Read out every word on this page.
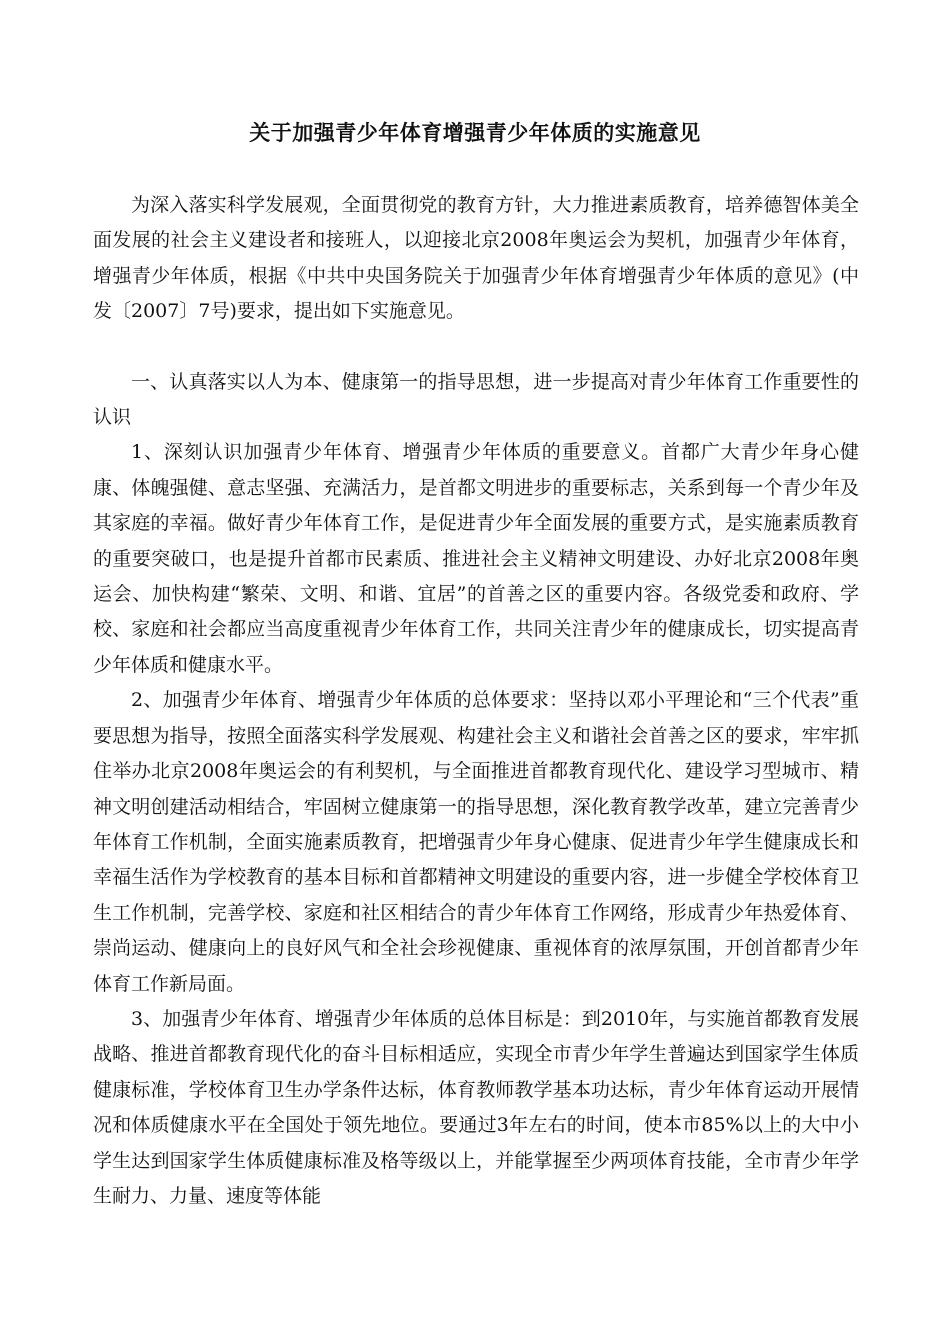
关于加强青少年体育增强青少年体质的实施意见

为深入落实科学发展观，全面贯彻党的教育方针，大力推进素质教育，培养德智体美全面发展的社会主义建设者和接班人，以迎接北京2008年奥运会为契机，加强青少年体育，增强青少年体质，根据《中共中央国务院关于加强青少年体育增强青少年体质的意见》(中发〔2007〕7号)要求，提出如下实施意见。

一、认真落实以人为本、健康第一的指导思想，进一步提高对青少年体育工作重要性的认识

1、深刻认识加强青少年体育、增强青少年体质的重要意义。首都广大青少年身心健康、体魄强健、意志坚强、充满活力，是首都文明进步的重要标志，关系到每一个青少年及其家庭的幸福。做好青少年体育工作，是促进青少年全面发展的重要方式，是实施素质教育的重要突破口，也是提升首都市民素质、推进社会主义精神文明建设、办好北京2008年奥运会、加快构建“繁荣、文明、和谐、宜居”的首善之区的重要内容。各级党委和政府、学校、家庭和社会都应当高度重视青少年体育工作，共同关注青少年的健康成长，切实提高青少年体质和健康水平。

2、加强青少年体育、增强青少年体质的总体要求：坚持以邓小平理论和“三个代表”重要思想为指导，按照全面落实科学发展观、构建社会主义和谐社会首善之区的要求，牢牢抓住举办北京2008年奥运会的有利契机，与全面推进首都教育现代化、建设学习型城市、精神文明创建活动相结合，牢固树立健康第一的指导思想，深化教育教学改革，建立完善青少年体育工作机制，全面实施素质教育，把增强青少年身心健康、促进青少年学生健康成长和幸福生活作为学校教育的基本目标和首都精神文明建设的重要内容，进一步健全学校体育卫生工作机制，完善学校、家庭和社区相结合的青少年体育工作网络，形成青少年热爱体育、崇尚运动、健康向上的良好风气和全社会珍视健康、重视体育的浓厚氛围，开创首都青少年体育工作新局面。

3、加强青少年体育、增强青少年体质的总体目标是：到2010年，与实施首都教育发展战略、推进首都教育现代化的奋斗目标相适应，实现全市青少年学生普遍达到国家学生体质健康标准，学校体育卫生办学条件达标，体育教师教学基本功达标，青少年体育运动开展情况和体质健康水平在全国处于领先地位。要通过3年左右的时间，使本市85%以上的大中小学生达到国家学生体质健康标准及格等级以上，并能掌握至少两项体育技能，全市青少年学生耐力、力量、速度等体能
